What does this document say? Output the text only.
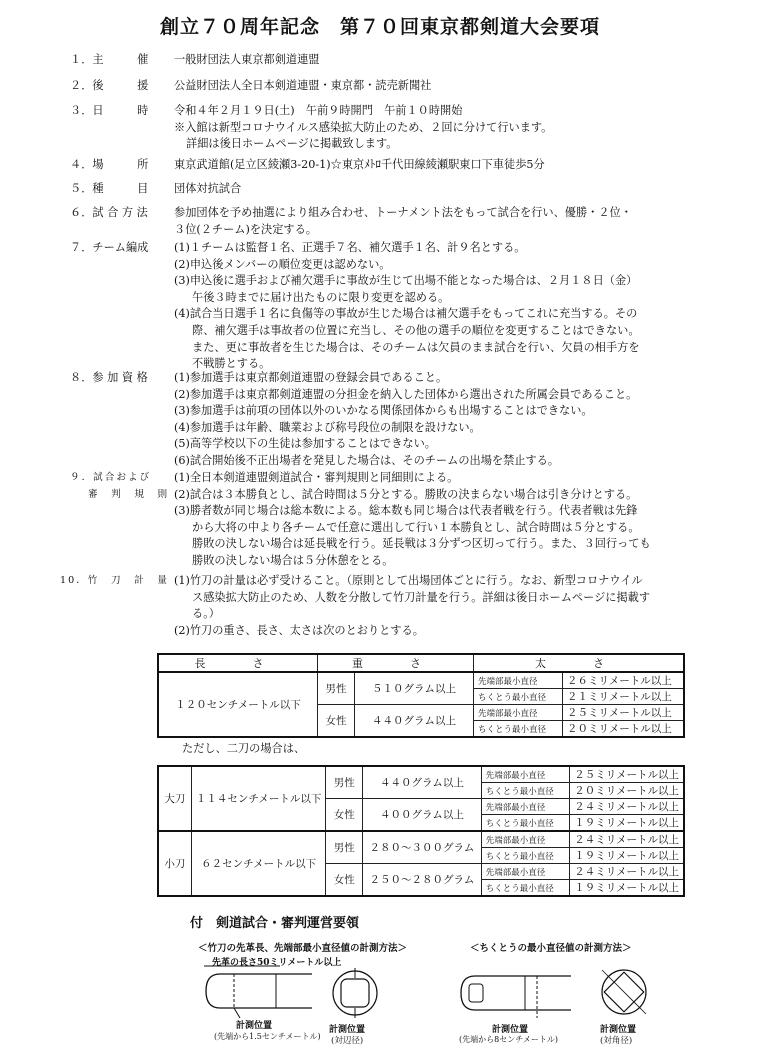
創立７０周年記念　第７０回東京都剣道大会要項
１．主　　　催	一般財団法人東京都剣道連盟
２．後　　　援	公益財団法人全日本剣道連盟・東京都・読売新聞社
３．日　　　時	令和４年２月１９日(土)　午前９時開門　午前１０時開始
※入館は新型コロナウイルス感染拡大防止のため、２回に分けて行います。
詳細は後日ホームページに掲載致します。
４．場　　　所	東京武道館(足立区綾瀬3-20-1)☆東京ﾒﾄﾛ千代田線綾瀬駅東口下車徒歩5分
５．種　　　目	団体対抗試合
６．試 合 方 法	参加団体を予め抽選により組み合わせ、トーナメント法をもって試合を行い、優勝・２位・
３位(２チーム)を決定する。
７．チーム編成	(1)１チームは監督１名、正選手７名、補欠選手１名、計９名とする。
(2)申込後メンバーの順位変更は認めない。
(3)申込後に選手および補欠選手に事故が生じて出場不能となった場合は、２月１８日（金）
午後３時までに届け出たものに限り変更を認める。
(4)試合当日選手１名に負傷等の事故が生じた場合は補欠選手をもってこれに充当する。その
際、補欠選手は事故者の位置に充当し、その他の選手の順位を変更することはできない。
また、更に事故者を生じた場合は、そのチームは欠員のまま試合を行い、欠員の相手方を
不戦勝とする。
８．参 加 資 格	(1)参加選手は東京都剣道連盟の登録会員であること。
(2)参加選手は東京都剣道連盟の分担金を納入した団体から選出された所属会員であること。
(3)参加選手は前項の団体以外のいかなる関係団体からも出場することはできない。
(4)参加選手は年齢、職業および称号段位の制限を設けない。
(5)高等学校以下の生徒は参加することはできない。
(6)試合開始後不正出場者を発見した場合は、そのチームの出場を禁止する。
９．試合および
審　判　規　則
(1)全日本剣道連盟剣道試合・審判規則と同細則による。
(2)試合は３本勝負とし、試合時間は５分とする。勝敗の決まらない場合は引き分けとする。
(3)勝者数が同じ場合は総本数による。総本数も同じ場合は代表者戦を行う。代表者戦は先鋒
から大将の中より各チームで任意に選出して行い１本勝負とし、試合時間は５分とする。
勝敗の決しない場合は延長戦を行う。延長戦は３分ずつ区切って行う。また、３回行っても
勝敗の決しない場合は５分休憩をとる。
10．竹　刀　計　量 (1)竹刀の計量は必ず受けること。（原則として出場団体ごとに行う。なお、新型コロナウイル
ス感染拡大防止のため、人数を分散して竹刀計量を行う。詳細は後日ホームページに掲載す
る。）
(2)竹刀の重さ、長さ、太さは次のとおりとする。
長　さ	重　さ		太　さ	
１２０センチメートル以下	男性	５１０グラム以上	先端部最小直径	２６ミリメートル以上
			ちくとう最小直径	２１ミリメートル以上
	女性	４４０グラム以上	先端部最小直径	２５ミリメートル以上
			ちくとう最小直径	２０ミリメートル以上
ただし、二刀の場合は、
大刀	１１４センチメートル以下	男性	４４０グラム以上	先端部最小直径	２５ミリメートル以上
				ちくとう最小直径	２０ミリメートル以上
		女性	４００グラム以上	先端部最小直径	２４ミリメートル以上
				ちくとう最小直径	１９ミリメートル以上
小刀	６２センチメートル以下	男性	２８０～３００グラム	先端部最小直径	２４ミリメートル以上
				ちくとう最小直径	１９ミリメートル以上
		女性	２５０～２８０グラム	先端部最小直径	２４ミリメートル以上
				ちくとう最小直径	１９ミリメートル以上
付　剣道試合・審判運営要領
＜竹刀の先革長、先端部最小直径値の計測方法＞
先革の長さ50ミリメートル以上
計測位置
(先端から1.5センチメートル)
計測位置
(対辺径)
＜ちくとうの最小直径値の計測方法＞
計測位置
(先端から8センチメートル)
計測位置
(対角径)
